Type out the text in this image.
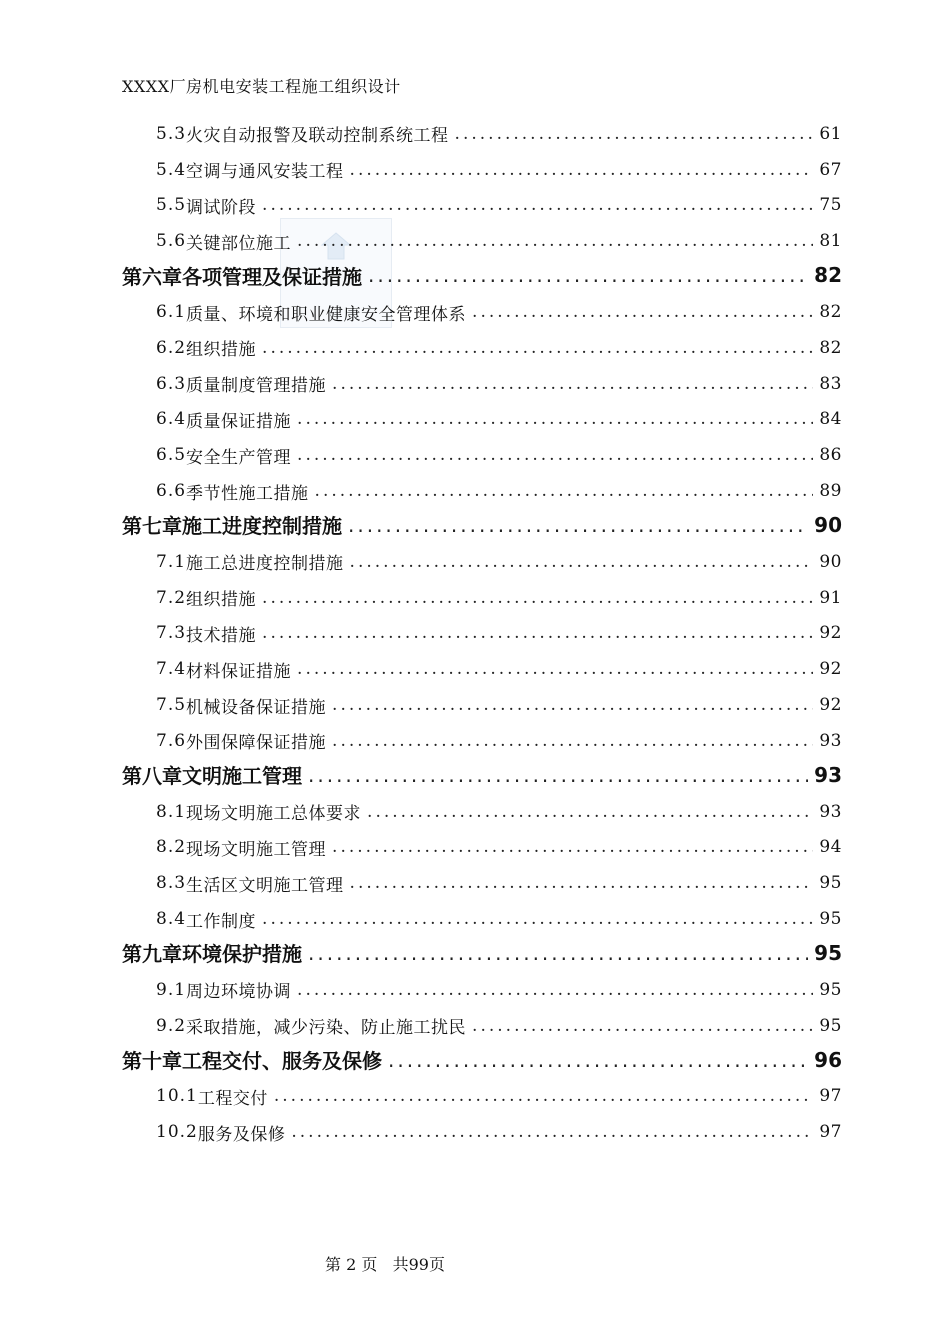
XXXX厂房机电安装工程施工组织设计
5.3 火灾自动报警及联动控制系统工程 .....	61
5.4 空调与通风安装工程 .....	67
5.5 调试阶段 .....	75
5.6 关键部位施工 .....	81
第六章 各项管理及保证措施 .....	82
6.1 质量、环境和职业健康安全管理体系 .....	82
6.2 组织措施 .....	82
6.3 质量制度管理措施 .....	83
6.4 质量保证措施 .....	84
6.5 安全生产管理 .....	86
6.6 季节性施工措施 .....	89
第七章 施工进度控制措施 .....	90
7.1 施工总进度控制措施 .....	90
7.2 组织措施 .....	91
7.3 技术措施 .....	92
7.4 材料保证措施 .....	92
7.5 机械设备保证措施 .....	92
7.6 外围保障保证措施 .....	93
第八章 文明施工管理 .....	93
8.1 现场文明施工总体要求 .....	93
8.2 现场文明施工管理 .....	94
8.3 生活区文明施工管理 .....	95
8.4 工作制度 .....	95
第九章 环境保护措施 .....	95
9.1 周边环境协调 .....	95
9.2 采取措施，减少污染、防止施工扰民 .....	95
第十章 工程交付、服务及保修 .....	96
10.1 工程交付 .....	97
10.2 服务及保修 .....	97
第 2 页   共99页
